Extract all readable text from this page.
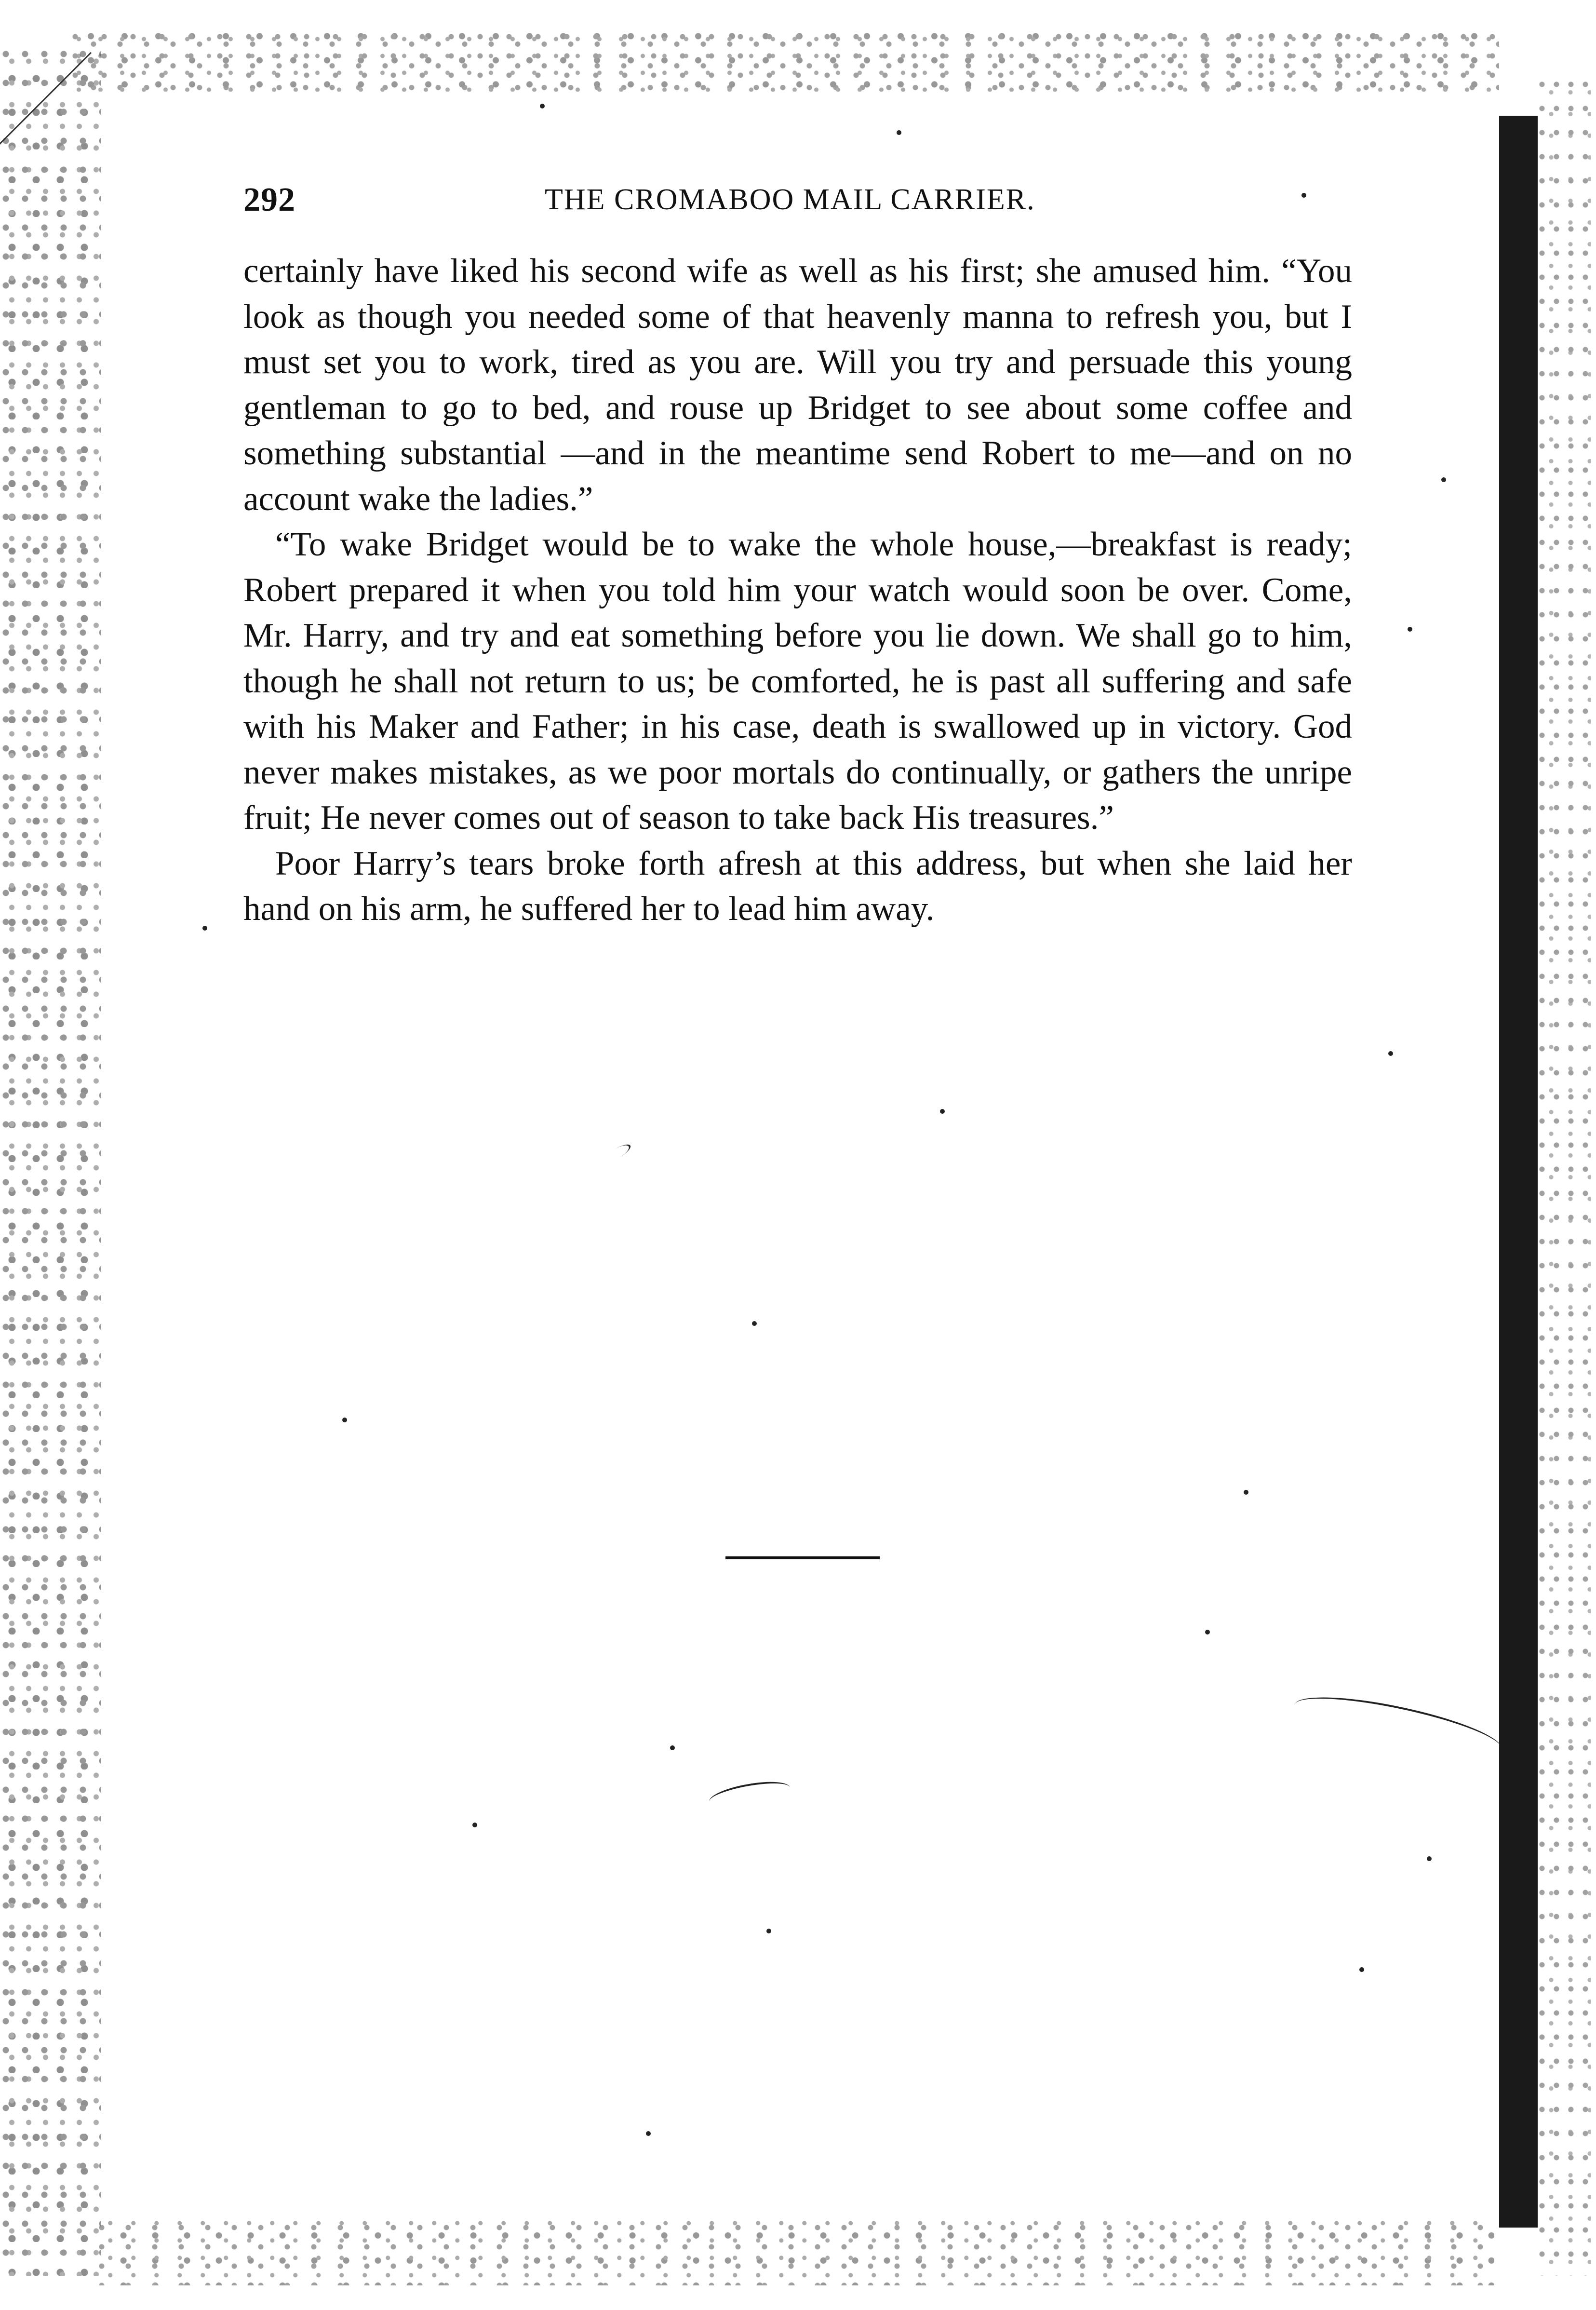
292	THE CROMABOO MAIL CARRIER.

certainly have liked his second wife as well as his first; she amused him. “You look as though you needed some of that heavenly manna to refresh you, but I must set you to work, tired as you are. Will you try and persuade this young gentleman to go to bed, and rouse up Bridget to see about some coffee and something substantial —and in the meantime send Robert to me—and on no account wake the ladies.”

“To wake Bridget would be to wake the whole house,—breakfast is ready; Robert prepared it when you told him your watch would soon be over. Come, Mr. Harry, and try and eat something before you lie down. We shall go to him, though he shall not return to us; be comforted, he is past all suffering and safe with his Maker and Father; in his case, death is swallowed up in victory. God never makes mistakes, as we poor mortals do continually, or gathers the unripe fruit; He never comes out of season to take back His treasures.”

Poor Harry’s tears broke forth afresh at this address, but when she laid her hand on his arm, he suffered her to lead him away.
